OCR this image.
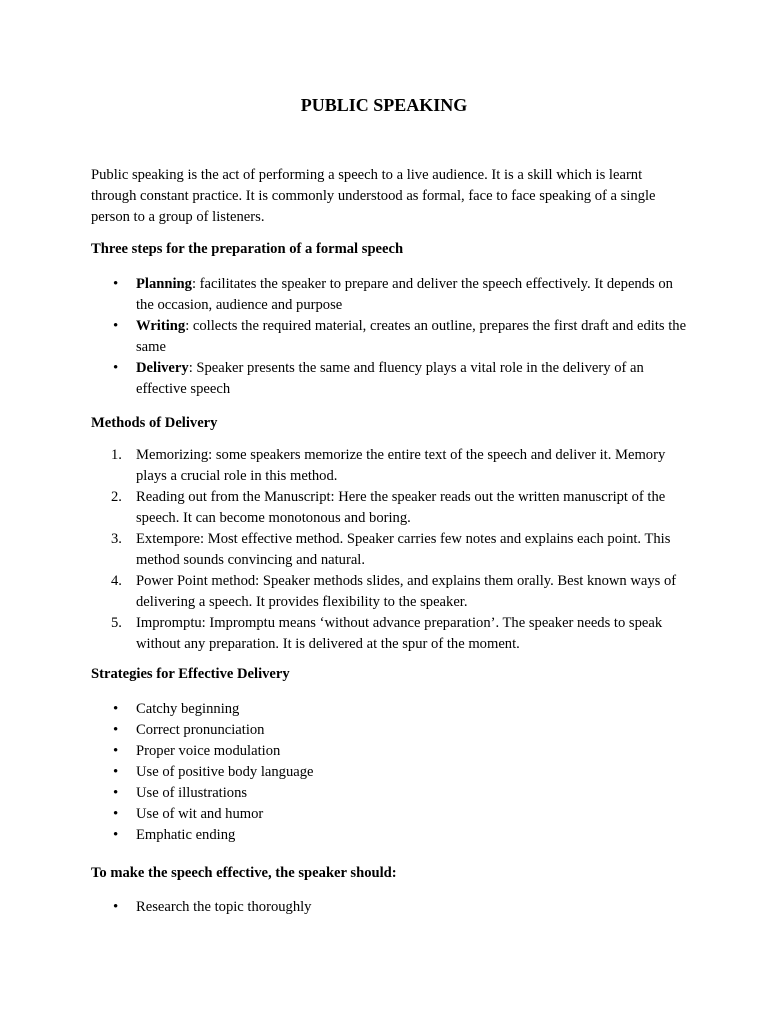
PUBLIC SPEAKING

Public speaking is the act of performing a speech to a live audience. It is a skill which is learnt through constant practice. It is commonly understood as formal, face to face speaking of a single person to a group of listeners.

Three steps for the preparation of a formal speech
• Planning: facilitates the speaker to prepare and deliver the speech effectively. It depends on the occasion, audience and purpose
• Writing: collects the required material, creates an outline, prepares the first draft and edits the same
• Delivery: Speaker presents the same and fluency plays a vital role in the delivery of an effective speech
Methods of Delivery
1. Memorizing: some speakers memorize the entire text of the speech and deliver it. Memory plays a crucial role in this method.
2. Reading out from the Manuscript: Here the speaker reads out the written manuscript of the speech. It can become monotonous and boring.
3. Extempore: Most effective method. Speaker carries few notes and explains each point. This method sounds convincing and natural.
4. Power Point method: Speaker methods slides, and explains them orally. Best known ways of delivering a speech. It provides flexibility to the speaker.
5. Impromptu: Impromptu means ‘without advance preparation’. The speaker needs to speak without any preparation. It is delivered at the spur of the moment.
Strategies for Effective Delivery
• Catchy beginning
• Correct pronunciation
• Proper voice modulation
• Use of positive body language
• Use of illustrations
• Use of wit and humor
• Emphatic ending
To make the speech effective, the speaker should:
• Research the topic thoroughly
